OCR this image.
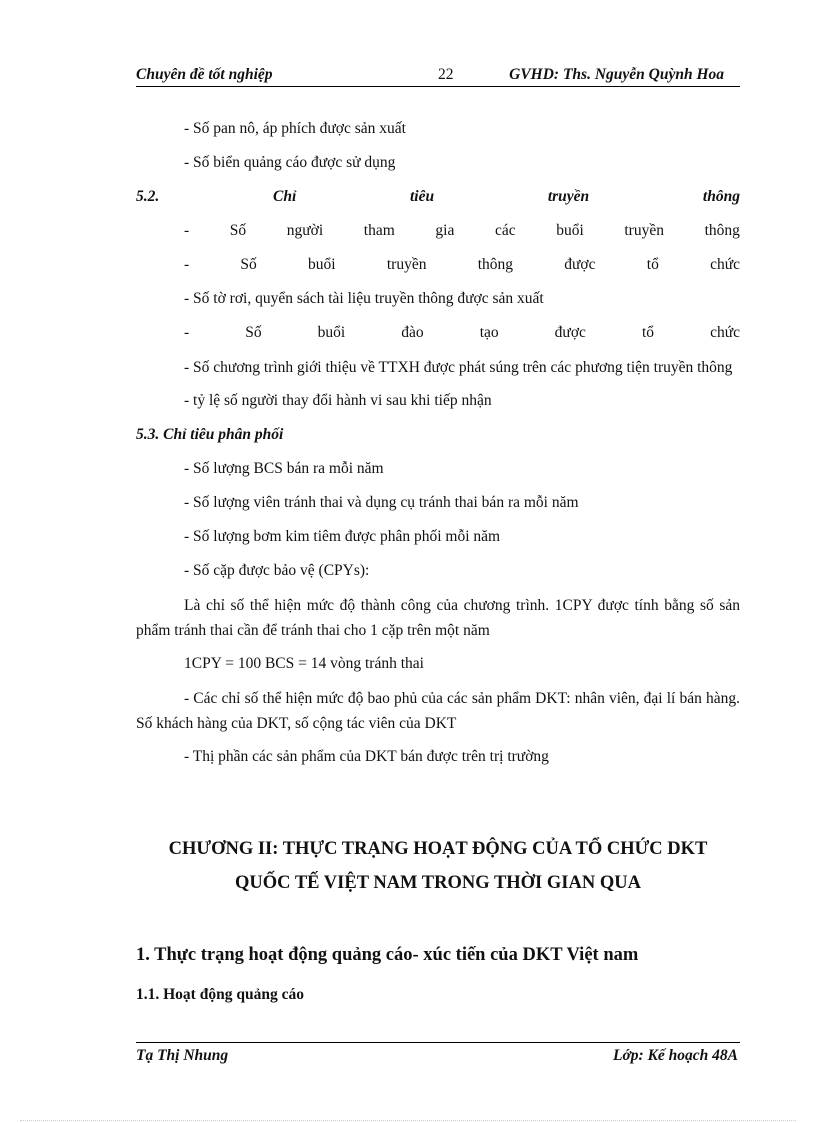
Chuyên đề tốt nghiệp	22	GVHD: Ths. Nguyễn Quỳnh Hoa
- Số pan nô, áp phích được sản xuất
- Số biển quảng cáo được sử dụng
5.2.	Chỉ	tiêu	truyền	thông
-	Số	người	tham	gia	các	buổi	truyền	thông
-	Số	buổi	truyền	thông	được	tổ	chức
- Số tờ rơi, quyển sách tài liệu truyền thông được sản xuất
-	Số	buổi	đào	tạo	được	tổ	chức
- Số chương trình giới thiệu về TTXH được phát súng trên các phương tiện truyền thông
- tỷ lệ số người thay đổi hành vi sau khi tiếp nhận
5.3. Chỉ tiêu phân phối
- Số lượng BCS bán ra mỗi năm
- Số lượng viên tránh thai và dụng cụ tránh thai bán ra mỗi năm
- Số lượng bơm kim tiêm được phân phối mỗi năm
- Số cặp được bảo vệ (CPYs):
Là chỉ số thể hiện mức độ thành công của chương trình. 1CPY được tính bằng số sản phẩm tránh thai cần để tránh thai cho 1 cặp trên một năm
1CPY = 100 BCS = 14 vòng tránh thai
- Các chỉ số thể hiện mức độ bao phủ của các sản phẩm DKT: nhân viên, đại lí bán hàng. Số khách hàng của DKT, số cộng tác viên của DKT
- Thị phần các sản phẩm của DKT bán được trên trị trường
CHƯƠNG II: THỰC TRẠNG HOẠT ĐỘNG CỦA TỔ CHỨC DKT
QUỐC TẾ VIỆT NAM TRONG THỜI GIAN QUA
1. Thực trạng hoạt động quảng cáo- xúc tiến của DKT Việt nam
1.1. Hoạt động quảng cáo
Tạ Thị Nhung	Lớp: Kế hoạch 48A
